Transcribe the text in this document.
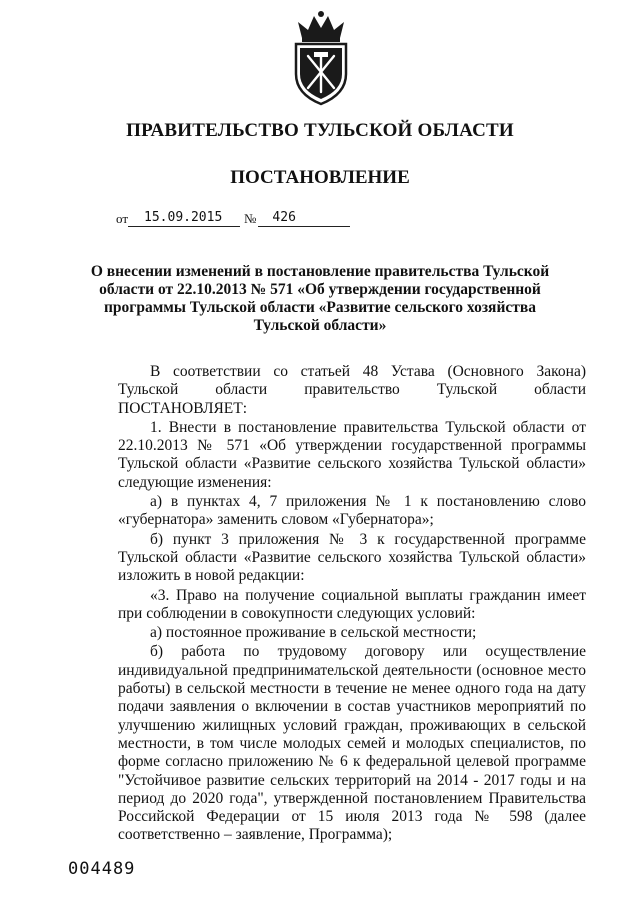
ПРАВИТЕЛЬСТВО ТУЛЬСКОЙ ОБЛАСТИ
ПОСТАНОВЛЕНИЕ
от 15.09.2015 № 426
О внесении изменений в постановление правительства Тульской области от 22.10.2013 № 571 «Об утверждении государственной программы Тульской области «Развитие сельского хозяйства Тульской области»

В соответствии со статьей 48 Устава (Основного Закона) Тульской области правительство Тульской области ПОСТАНОВЛЯЕТ:

1. Внести в постановление правительства Тульской области от 22.10.2013 № 571 «Об утверждении государственной программы Тульской области «Развитие сельского хозяйства Тульской области» следующие изменения:

а) в пунктах 4, 7 приложения № 1 к постановлению слово «губернатора» заменить словом «Губернатора»;

б) пункт 3 приложения № 3 к государственной программе Тульской области «Развитие сельского хозяйства Тульской области» изложить в новой редакции:

«3. Право на получение социальной выплаты гражданин имеет при соблюдении в совокупности следующих условий:

а) постоянное проживание в сельской местности;

б) работа по трудовому договору или осуществление индивидуальной предпринимательской деятельности (основное место работы) в сельской местности в течение не менее одного года на дату подачи заявления о включении в состав участников мероприятий по улучшению жилищных условий граждан, проживающих в сельской местности, в том числе молодых семей и молодых специалистов, по форме согласно приложению № 6 к федеральной целевой программе "Устойчивое развитие сельских территорий на 2014 - 2017 годы и на период до 2020 года", утвержденной постановлением Правительства Российской Федерации от 15 июля 2013 года № 598 (далее соответственно – заявление, Программа);

004489
